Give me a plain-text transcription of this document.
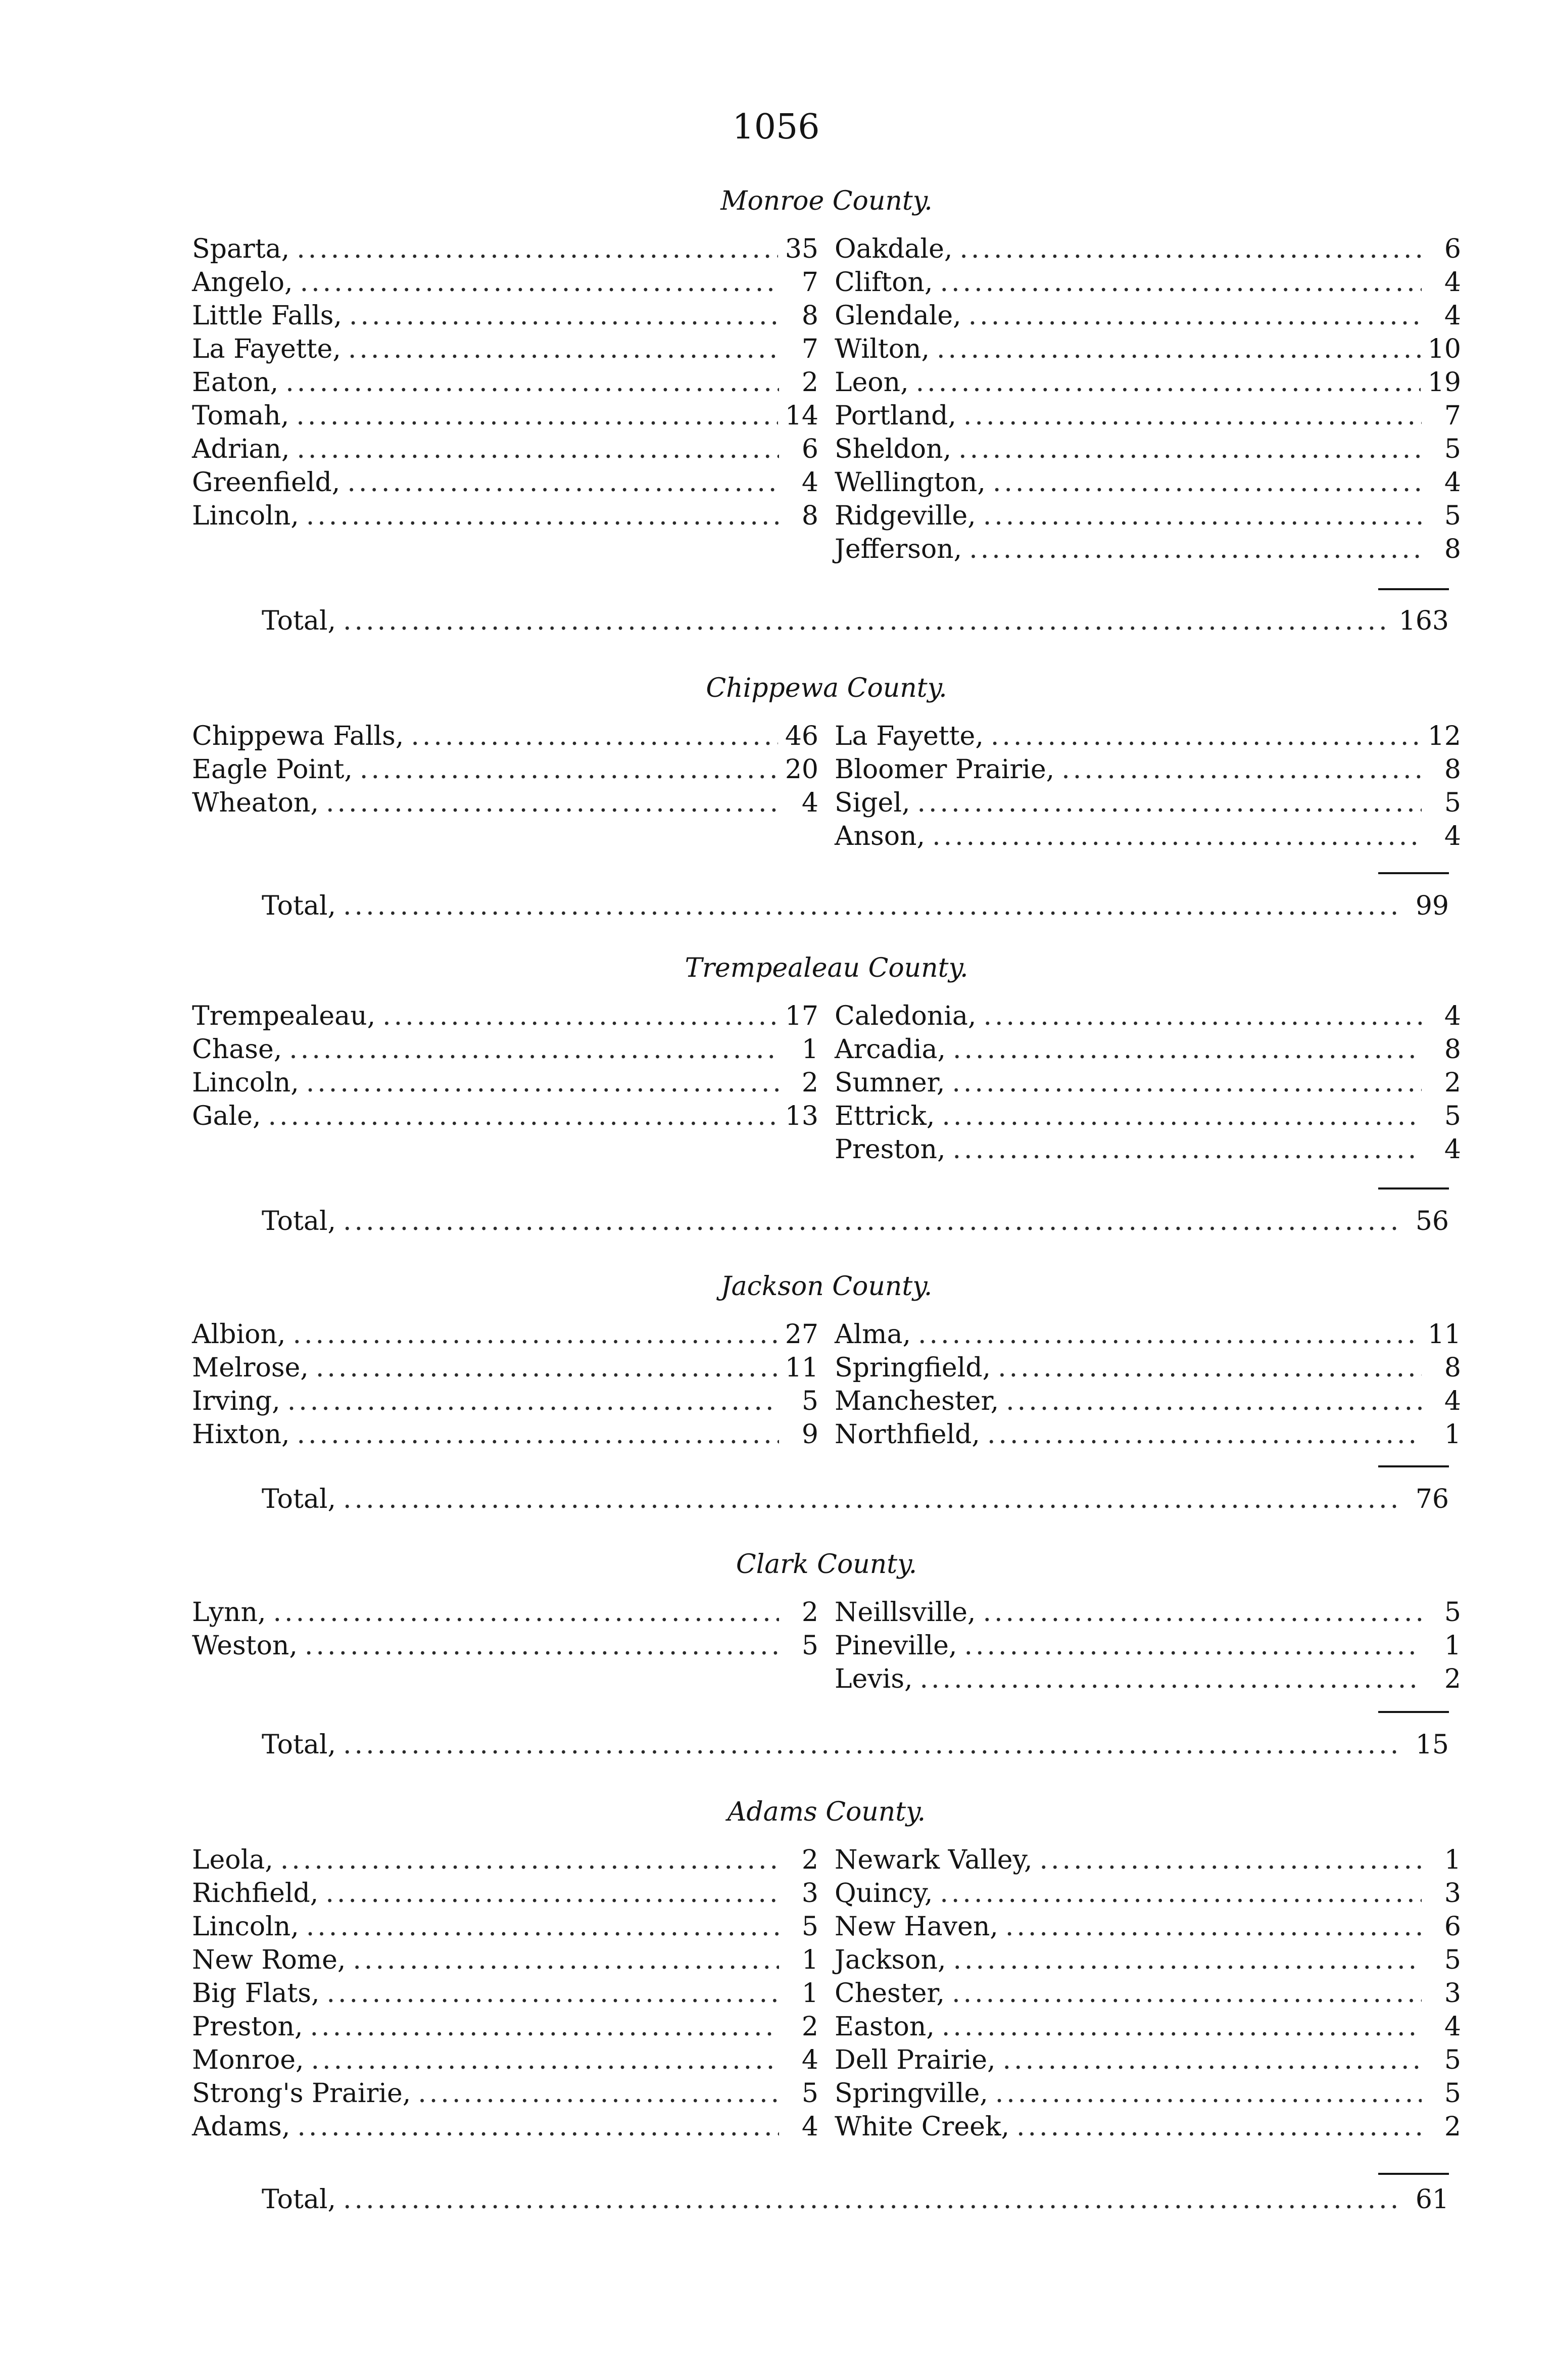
1056
Monroe County.
Sparta, .....	35
Angelo, .....	7
Little Falls, .....	8
La Fayette, .....	7
Eaton, .....	2
Tomah, .....	14
Adrian, .....	6
Greenfield, .....	4
Lincoln, .....	8
Oakdale, .....	6
Clifton, .....	4
Glendale, .....	4
Wilton, .....	10
Leon, .....	19
Portland, .....	7
Sheldon, .....	5
Wellington, .....	4
Ridgeville, .....	5
Jefferson, .....	8
Total, .....	163
Chippewa County.
Chippewa Falls, .....	46
Eagle Point, .....	20
Wheaton, .....	4
La Fayette, .....	12
Bloomer Prairie, .....	8
Sigel, .....	5
Anson, .....	4
Total, .....	99
Trempealeau County.
Trempealeau, .....	17
Chase, .....	1
Lincoln, .....	2
Gale, .....	13
Caledonia, .....	4
Arcadia, .....	8
Sumner, .....	2
Ettrick, .....	5
Preston, .....	4
Total, .....	56
Jackson County.
Albion, .....	27
Melrose, .....	11
Irving, .....	5
Hixton, .....	9
Alma, .....	11
Springfield, .....	8
Manchester, .....	4
Northfield, .....	1
Total, .....	76
Clark County.
Lynn, .....	2
Weston, .....	5
Neillsville, .....	5
Pineville, .....	1
Levis, .....	2
Total, .....	15
Adams County.
Leola, .....	2
Richfield, .....	3
Lincoln, .....	5
New Rome, .....	1
Big Flats, .....	1
Preston, .....	2
Monroe, .....	4
Strong's Prairie, .....	5
Adams, .....	4
Newark Valley, .....	1
Quincy, .....	3
New Haven, .....	6
Jackson, .....	5
Chester, .....	3
Easton, .....	4
Dell Prairie, .....	5
Springville, .....	5
White Creek, .....	2
Total, .....	61
